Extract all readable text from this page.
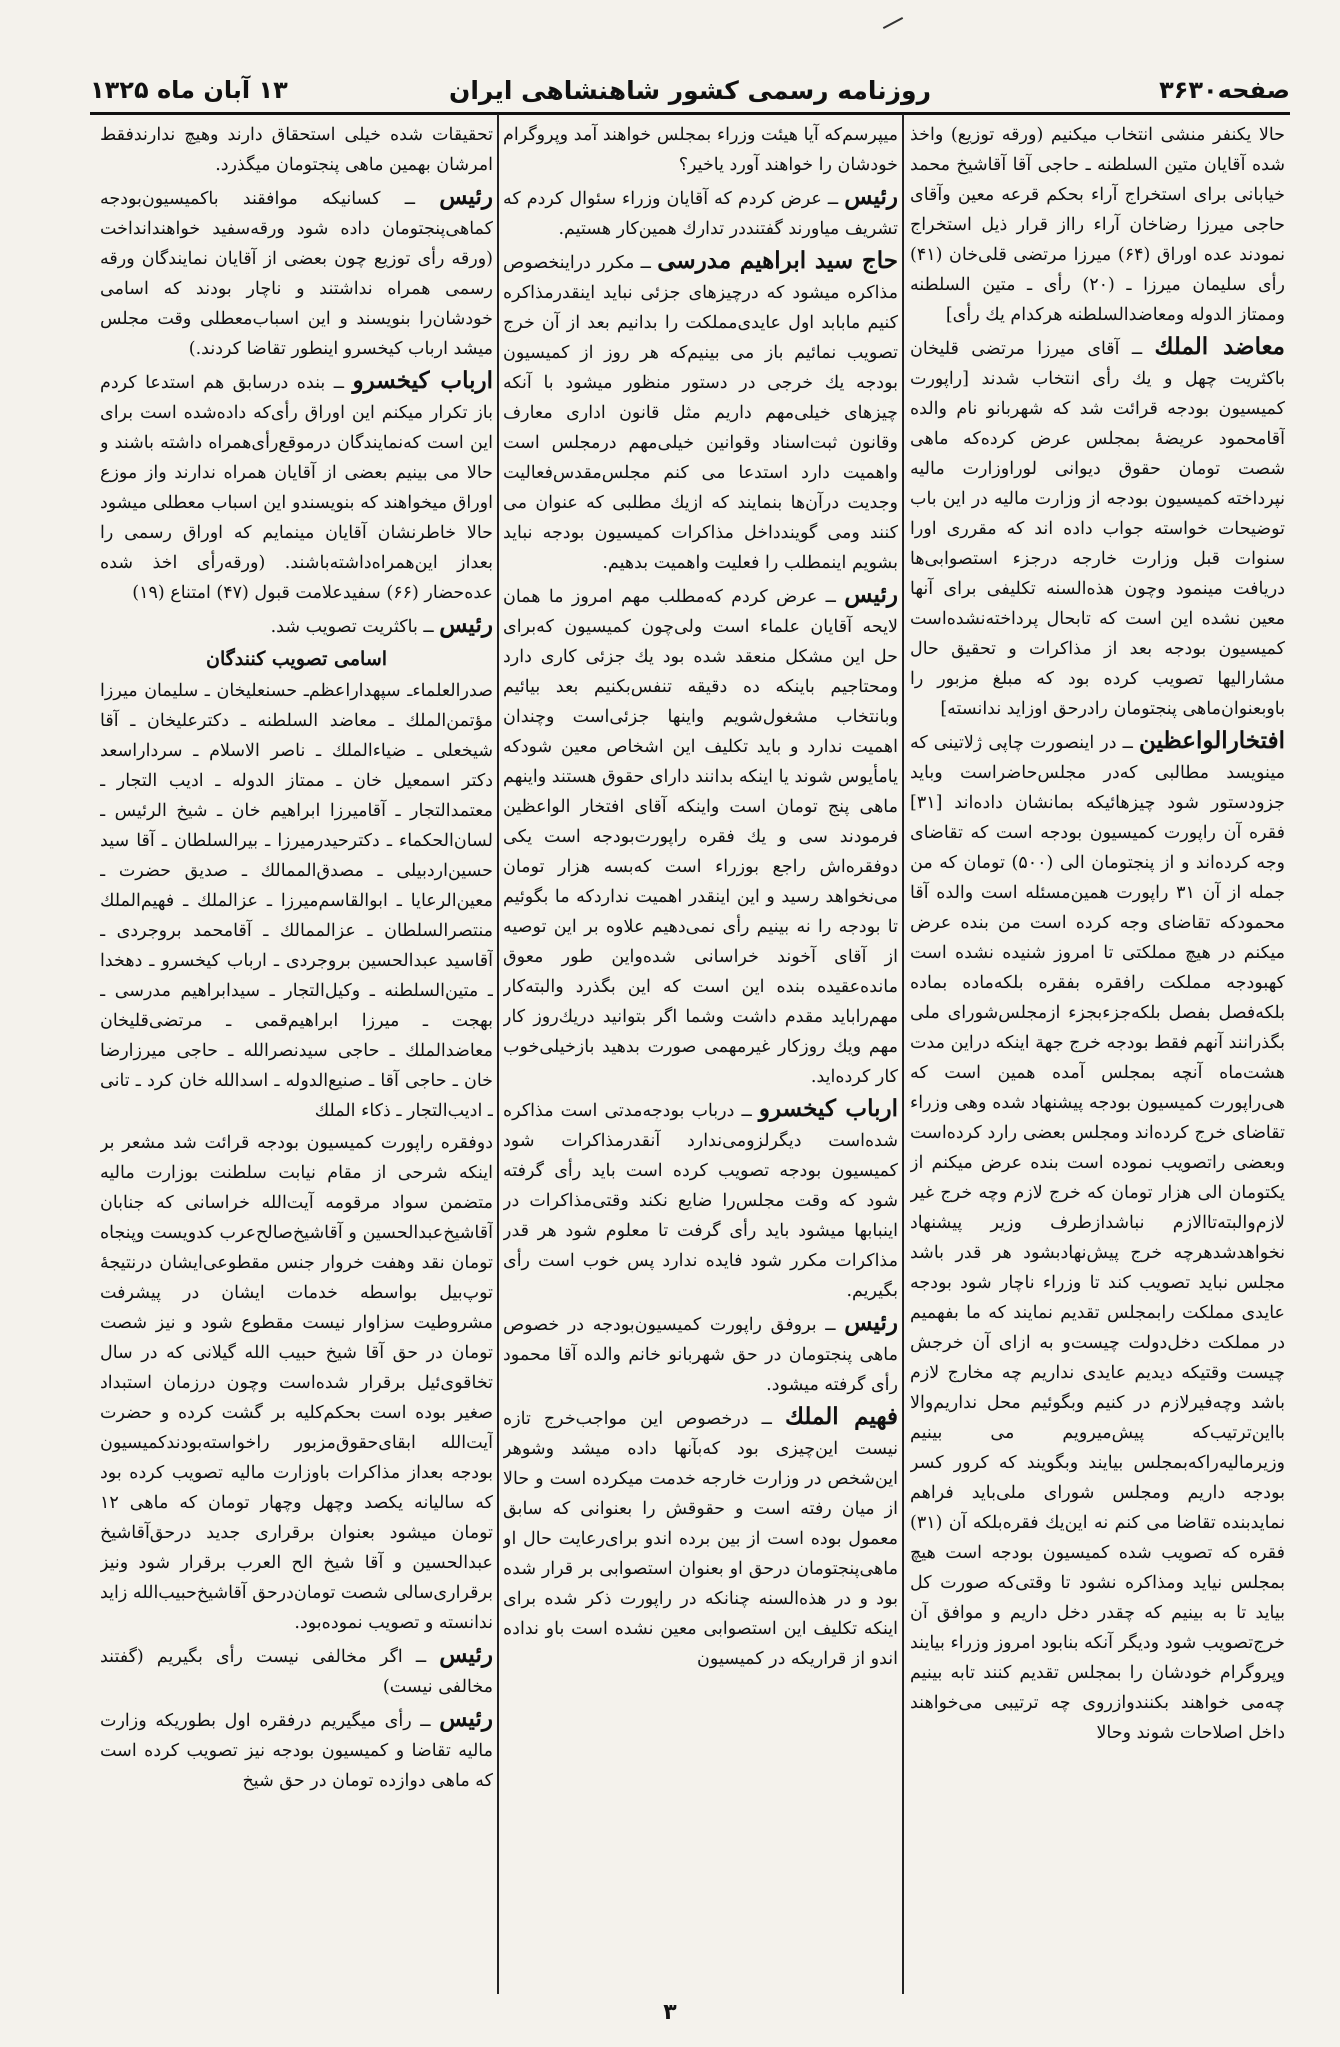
۱۳ آبان ماه ۱۳۲۵	روزنامه رسمی کشور شاهنشاهی ایران	صفحه۳۶۳۰

حالا یکنفر منشی انتخاب میکنیم (ورقه توزیع) واخذ شده آقایان متین السلطنه ـ حاجی آقا آقاشیخ محمد خیابانی برای استخراج آراء بحکم قرعه معین وآقای حاجی میرزا رضاخان آراء رااز قرار ذیل استخراج نمودند عده اوراق (۶۴) میرزا مرتضی قلی‌خان (۴۱) رأی سلیمان میرزا ـ (۲۰) رأی ـ متین السلطنه وممتاز الدوله ومعاضدالسلطنه هرکدام یك رأی]

معاضد الملك ــ آقای میرزا مرتضی قلیخان باکثریت چهل و یك رأی انتخاب شدند [راپورت کمیسیون بودجه قرائت شد که شهربانو نام والده آقامحمود عریضهٔ بمجلس عرض کرده‌که ماهی شصت تومان حقوق دیوانی لوراوزارت مالیه نپرداخته کمیسیون بودجه از وزارت مالیه در این باب توضیحات خواسته جواب داده اند که مقرری اورا سنوات قبل وزارت خارجه درجزء استصوابی‌ها دریافت مینمود وچون هذه‌السنه تکلیفی برای آنها معین نشده این است که تابحال پرداخته‌نشده‌است کمیسیون بودجه بعد از مذاکرات و تحقیق حال مشارالیها تصویب کرده بود که مبلغ مزبور را باوبعنوان‌ماهی پنجتومان رادرحق اوزاید ندانسته]

افتخارالواعظین ــ در اینصورت چاپی ژلاتینی که مینویسد مطالبی که‌در مجلس‌حاضراست وباید جزودستور شود چیزهائیکه بمانشان داده‌اند [۳۱] فقره آن راپورت کمیسیون بودجه است که تقاضای وجه کرده‌اند و از پنجتومان الی (۵۰۰) تومان که من جمله از آن ۳۱ راپورت همین‌مسئله است والده آقا محمودکه تقاضای وجه کرده است من بنده عرض میکنم در هیچ مملکتی تا امروز شنیده نشده است کهبودجه مملکت رافقره بفقره بلکه‌ماده بماده بلکه‌فصل بفصل بلکه‌جزءبجزء ازمجلس‌شورای ملی بگذرانند آنهم فقط بودجه خرج جهة اینکه دراین مدت هشت‌ماه آنچه بمجلس آمده همین است که هی‌راپورت کمیسیون بودجه پیشنهاد شده وهی وزراء تقاضای خرج کرده‌اند ومجلس بعضی رارد کرده‌است وبعضی راتصویب نموده است بنده عرض میکنم از یکتومان الی هزار تومان که خرج لازم وچه خرج غیر لازم‌والبته‌تاالازم نباشدازطرف وزیر پیشنهاد نخواهدشدهرچه خرج پیش‌نهادبشود هر قدر باشد مجلس نباید تصویب کند تا وزراء ناچار شود بودجه عایدی مملکت رابمجلس تقدیم نمایند که ما بفهمیم در مملکت دخل‌دولت چیست‌و به ازای آن خرجش چیست وقتیکه دیدیم عایدی نداریم چه مخارج لازم باشد وچه‌فیرلازم در کنیم وبگوئیم محل نداریم‌والا بااین‌ترتیب‌که پیش‌میرویم می بینیم وزیرمالیه‌راکه‌بمجلس بیایند وبگویند که کرور کسر بودجه داریم ومجلس شورای ملی‌باید فراهم نمایدبنده تقاضا می کنم نه این‌یك فقره‌بلکه آن (۳۱) فقره که تصویب شده کمیسیون بودجه است هیچ بمجلس نیاید ومذاکره نشود تا وقتی‌که صورت کل بیاید تا به بینیم که چقدر دخل داریم و موافق آن خرج‌تصویب شود ودیگر آنکه بنابود امروز وزراء بیایند وپروگرام خودشان را بمجلس تقدیم کنند تابه بینیم چه‌می خواهند بکنندوازروی چه ترتیبی می‌خواهند داخل اصلاحات شوند وحالا

میپرسم‌که آیا هیئت وزراء بمجلس خواهند آمد وپروگرام خودشان را خواهند آورد یاخیر؟

رئیس ــ عرض کردم که آقایان وزراء سئوال کردم که تشریف میاورند گفتنددر تدارك همین‌کار هستیم.

حاج سید ابراهیم مدرسی ــ مکرر دراینخصوص مذاکره میشود که درچیزهای جزئی نباید اینقدرمذاکره کنیم مابابد اول عایدی‌مملکت را بدانیم بعد از آن خرج تصویب نمائیم باز می بینیم‌که هر روز از کمیسیون بودجه یك خرجی در دستور منظور میشود با آنکه چیزهای خیلی‌مهم داریم مثل قانون اداری معارف وقانون ثبت‌اسناد وقوانین خیلی‌مهم درمجلس است واهمیت دارد استدعا می کنم مجلس‌مقدس‌فعالیت وجدیت در‌آن‌ها بنمایند که ازیك مطلبی که عنوان می کنند ومی گویند‌داخل مذاکرات کمیسیون بودجه نباید بشویم اینمطلب را فعلیت واهمیت بدهیم.

رئیس ــ عرض کردم که‌مطلب مهم امروز ما همان لایحه آقایان علماء است ولی‌چون کمیسیون که‌برای حل این مشکل منعقد شده بود یك جزئی کاری دارد ومحتاجیم باینکه ده دقیقه تنفس‌بکنیم بعد بیائیم وبانتخاب مشغول‌شویم واینها جزئی‌است وچندان اهمیت ندارد و باید تکلیف این اشخاص معین شودکه یامأیوس شوند یا اینکه بدانند دارای حقوق هستند واینهم ماهی پنج تومان است واینکه آقای افتخار الواعظین فرمودند سی و یك فقره راپورت‌بودجه است یکی دوفقره‌اش راجع بوزراء است که‌بسه هزار تومان می‌نخواهد رسید و این اینقدر اهمیت ندارد‌که ما بگوئیم تا بودجه را نه بینیم رأی نمی‌دهیم علاوه بر این توصیه از آقای آخوند خراسانی شده‌واین طور معوق مانده‌عقیده بنده این است که این بگذرد والبته‌کار مهم‌راباید مقدم داشت وشما اگر بتوانید دریك‌روز کار مهم ویك روزکار غیرمهمی صورت بدهید بازخیلی‌خوب کار کرده‌اید.

ارباب کیخسرو ــ درباب بودجه‌مدتی است مذاکره شده‌است دیگرلزومی‌ندارد آنقدرمذاکرات شود کمیسیون بودجه تصویب کرده است باید رأی گرفته شود که وقت مجلس‌را ضایع نکند وقتی‌مذاکرات در اینبابها میشود باید رأی گرفت تا معلوم شود هر قدر مذاکرات مکرر شود فایده ندارد پس خوب است رأی بگیریم.

رئیس ــ بروفق راپورت کمیسیون‌بودجه در خصوص ماهی پنجتومان در حق شهربانو خانم والده آقا محمود رأی گرفته میشود.

فهیم الملك ــ درخصوص این مواجب‌خرج تازه نیست این‌چیزی بود که‌بآنها داده میشد وشوهر این‌شخص در وزارت خارجه خدمت میکرده است و حالا از میان رفته است و حقوقش را بعنوانی که سابق معمول بوده است از بین برده اندو برای‌رعایت حال او ماهی‌پنجتومان درحق او بعنوان استصوابی بر قرار شده بود و در هذه‌السنه چنانکه در راپورت ذکر شده برای اینکه تکلیف این استصوابی معین نشده است باو نداده اندو از قراریکه در کمیسیون

تحقیقات شده خیلی استحقاق دارند وهیچ ندارندفقط امرشان بهمین ماهی پنجتومان میگذرد.

رئیس ــ کسانیکه موافقند باکمیسیون‌بودجه کماهی‌پنجتومان داده شود ورقه‌سفید خواهندانداخت (ورقه رأی توزیع چون بعضی از آقایان نمایندگان ورقه رسمی همراه نداشتند و ناچار بودند که اسامی خودشان‌را بنویسند و این اسباب‌معطلی وقت مجلس میشد ارباب کیخسرو اینطور تقاضا کردند.)

ارباب کیخسرو ــ بنده درسابق هم استدعا کردم باز تکرار میکنم این اوراق رأی‌که داده‌شده است برای این است که‌نمایندگان درموقع‌رأی‌همراه داشته باشند و حالا می بینیم بعضی از آقایان همراه ندارند واز موزع اوراق میخواهند که بنویسندو این اسباب معطلی میشود حالا خاطرنشان آقایان مینمایم که اوراق رسمی را بعداز این‌همراه‌داشته‌باشند. (ورقه‌رأی اخذ شده عده‌حضار (۶۶) سفیدعلامت قبول (۴۷) امتناع (۱۹)

رئیس ــ باکثریت تصویب شد.

اسامی تصویب کنندگان

صدرالعلماء‌ـ سپهدار‌اعظم‌ـ حسنعلیخان ـ سلیمان میرزا مؤتمن‌الملك ـ معاضد السلطنه ـ دکترعلیخان ـ آقا شیخعلی ـ ضیاءالملك ـ ناصر الاسلام ـ سردار‌اسعد دکتر اسمعیل خان ـ ممتاز الدوله ـ ادیب التجار ـ معتمدالتجار ـ آقامیرزا ابراهیم خان ـ شیخ الرئیس ـ لسان‌الحکماء ـ دکترحیدرمیرزا ـ بیرالسلطان ـ آقا سید حسین‌اردبیلی ـ مصدق‌الممالك ـ صدیق حضرت ـ معین‌الرعایا ـ ابوالقاسم‌میرزا ـ عزالملك ـ فهیم‌الملك منتصرالسلطان ـ عزالممالك ـ آقامحمد بروجردی ـ آقاسید عبدالحسین بروجردی ـ ارباب کیخسرو ـ دهخدا ـ متین‌السلطنه ـ وکیل‌التجار ـ سیدابراهیم مدرسی ـ بهجت ـ میرزا ابراهیم‌قمی ـ مرتضی‌قلیخان معاضدالملك ـ حاجی سیدنصرالله ـ حاجی میرزارضا خان ـ حاجی آقا ـ صنیع‌الدوله ـ اسدالله خان کرد ـ تانی ـ ادیب‌التجار ـ ذکاء الملك

دوفقره راپورت کمیسیون بودجه قرائت شد مشعر بر اینکه شرحی از مقام نیابت سلطنت بوزارت مالیه متضمن سواد مرقومه آیت‌الله خراسانی که جنابان آقاشیخ‌عبدالحسین و آقاشیخ‌صالح‌عرب کدویست وپنجاه تومان نقد وهفت خروار جنس مقطوعی‌ایشان درنتیجهٔ توپ‌بیل بواسطه خدمات ایشان در پیشرفت مشروطیت سزاوار نیست مقطوع شود و نیز شصت تومان در حق آقا شیخ حبیب الله گیلانی که در سال تخاقوی‌ئیل برقرار شده‌است وچون درزمان استبداد صغیر بوده است بحکم‌کلیه بر گشت کرده و حضرت آیت‌الله ابقای‌حقوق‌مزبور راخواسته‌بودند‌کمیسیون بودجه بعداز مذاکرات باوزارت مالیه تصویب کرده بود که سالیانه یکصد وچهل وچهار تومان که ماهی ۱۲ تومان میشود بعنوان برقراری جدید در‌حق‌آقاشیخ عبدالحسین و آقا شیخ الح العرب برقرار شود ونیز برقراری‌سالی شصت تومان‌درحق آقاشیخ‌حبیب‌الله زاید ندانسته و تصویب نموده‌بود.

رئیس ــ اگر مخالفی نیست رأی بگیریم (گفتند مخالفی نیست)

رئیس ــ رأی میگیریم درفقره اول بطوریکه وزارت مالیه تقاضا و کمیسیون بودجه نیز تصویب کرده است که ماهی دوازده تومان در حق شیخ

۳
